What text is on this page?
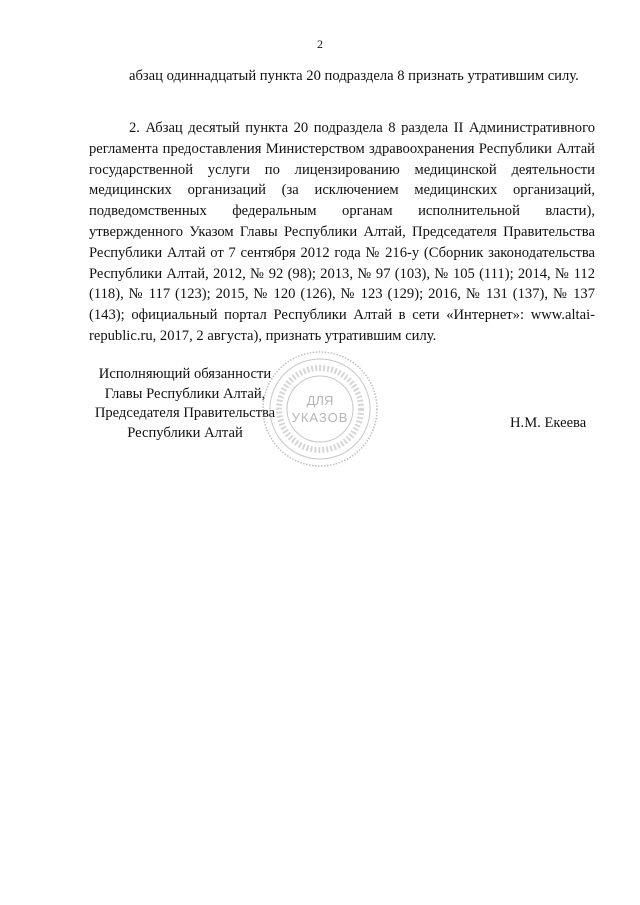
2

абзац одиннадцатый пункта 20 подраздела 8 признать утратившим силу.

2. Абзац десятый пункта 20 подраздела 8 раздела II Административного регламента предоставления Министерством здравоохранения Республики Алтай государственной услуги по лицензированию медицинской деятельности медицинских организаций (за исключением медицинских организаций, подведомственных федеральным органам исполнительной власти), утвержденного Указом Главы Республики Алтай, Председателя Правительства Республики Алтай от 7 сентября 2012 года № 216-у (Сборник законодательства Республики Алтай, 2012, № 92 (98); 2013, № 97 (103), № 105 (111); 2014, № 112 (118), № 117 (123); 2015, № 120 (126), № 123 (129); 2016, № 131 (137), № 137 (143); официальный портал Республики Алтай в сети «Интернет»: www.altai-republic.ru, 2017, 2 августа), признать утратившим силу.

Исполняющий обязанности
Главы Республики Алтай,
Председателя Правительства
Республики Алтай
Н.М. Екеева
ДЛЯ
УКАЗОВ
